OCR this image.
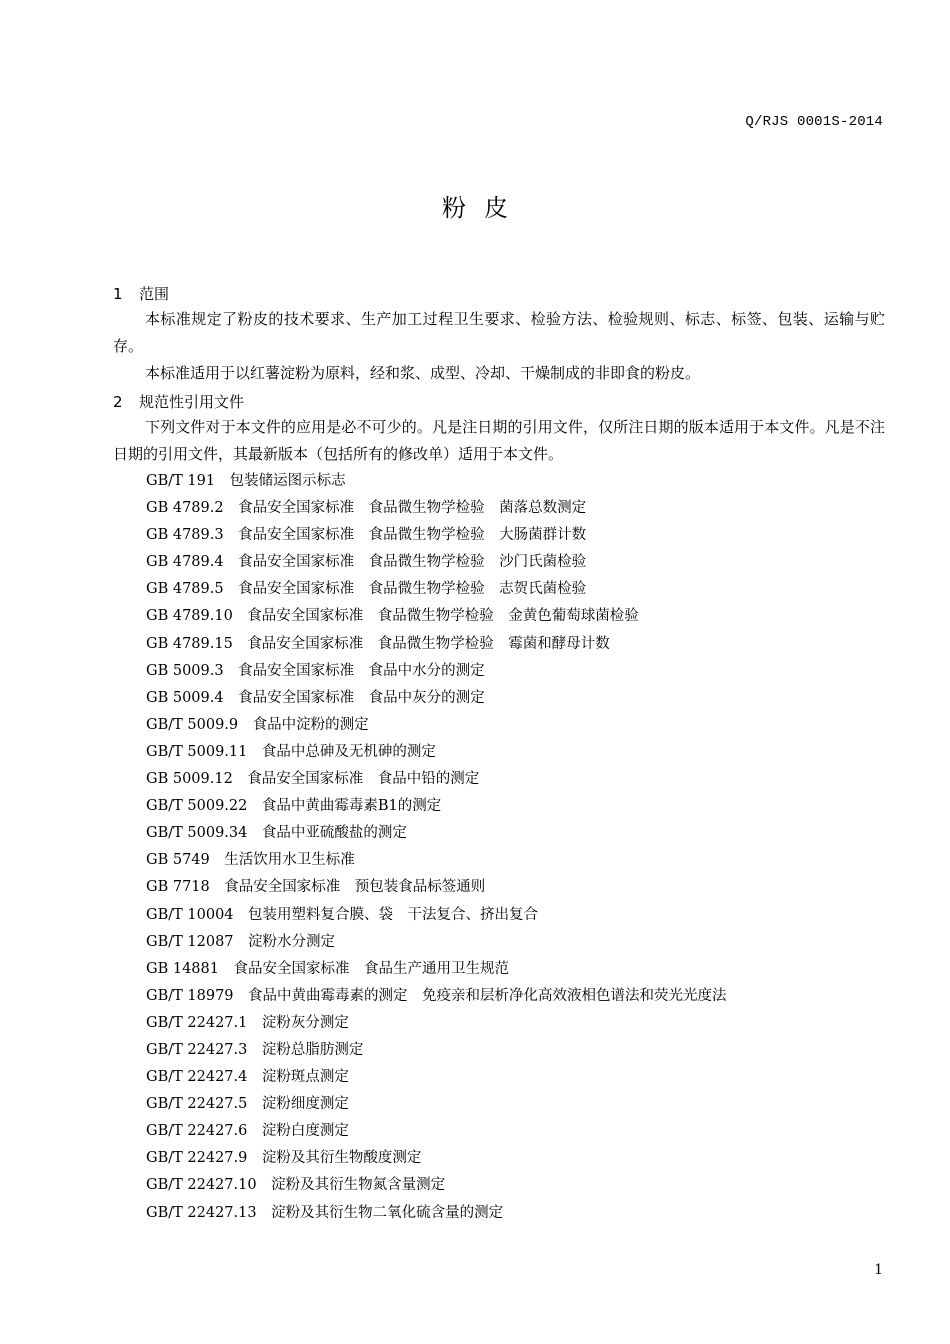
Q/RJS 0001S-2014
粉皮
1 范围
本标准规定了粉皮的技术要求、生产加工过程卫生要求、检验方法、检验规则、标志、标签、包装、运输与贮存。
本标准适用于以红薯淀粉为原料，经和浆、成型、冷却、干燥制成的非即食的粉皮。
2 规范性引用文件
下列文件对于本文件的应用是必不可少的。凡是注日期的引用文件，仅所注日期的版本适用于本文件。凡是不注日期的引用文件，其最新版本（包括所有的修改单）适用于本文件。
GB/T 191　 包装储运图示标志
GB 4789.2　 食品安全国家标准　食品微生物学检验　菌落总数测定
GB 4789.3　 食品安全国家标准　食品微生物学检验　大肠菌群计数
GB 4789.4　 食品安全国家标准　食品微生物学检验　沙门氏菌检验
GB 4789.5　 食品安全国家标准　食品微生物学检验　志贺氏菌检验
GB 4789.10　 食品安全国家标准　食品微生物学检验　金黄色葡萄球菌检验
GB 4789.15　 食品安全国家标准　食品微生物学检验　霉菌和酵母计数
GB 5009.3　 食品安全国家标准　食品中水分的测定
GB 5009.4　 食品安全国家标准　食品中灰分的测定
GB/T 5009.9　 食品中淀粉的测定
GB/T 5009.11　 食品中总砷及无机砷的测定
GB 5009.12　 食品安全国家标准　食品中铅的测定
GB/T 5009.22　 食品中黄曲霉毒素B1的测定
GB/T 5009.34　 食品中亚硫酸盐的测定
GB 5749　 生活饮用水卫生标准
GB 7718　 食品安全国家标准　预包装食品标签通则
GB/T 10004　 包装用塑料复合膜、袋　干法复合、挤出复合
GB/T 12087　 淀粉水分测定
GB 14881　 食品安全国家标准　食品生产通用卫生规范
GB/T 18979　 食品中黄曲霉毒素的测定　免疫亲和层析净化高效液相色谱法和荧光光度法
GB/T 22427.1　 淀粉灰分测定
GB/T 22427.3　 淀粉总脂肪测定
GB/T 22427.4　 淀粉斑点测定
GB/T 22427.5　 淀粉细度测定
GB/T 22427.6　 淀粉白度测定
GB/T 22427.9　 淀粉及其衍生物酸度测定
GB/T 22427.10　 淀粉及其衍生物氮含量测定
GB/T 22427.13　 淀粉及其衍生物二氧化硫含量的测定
1
